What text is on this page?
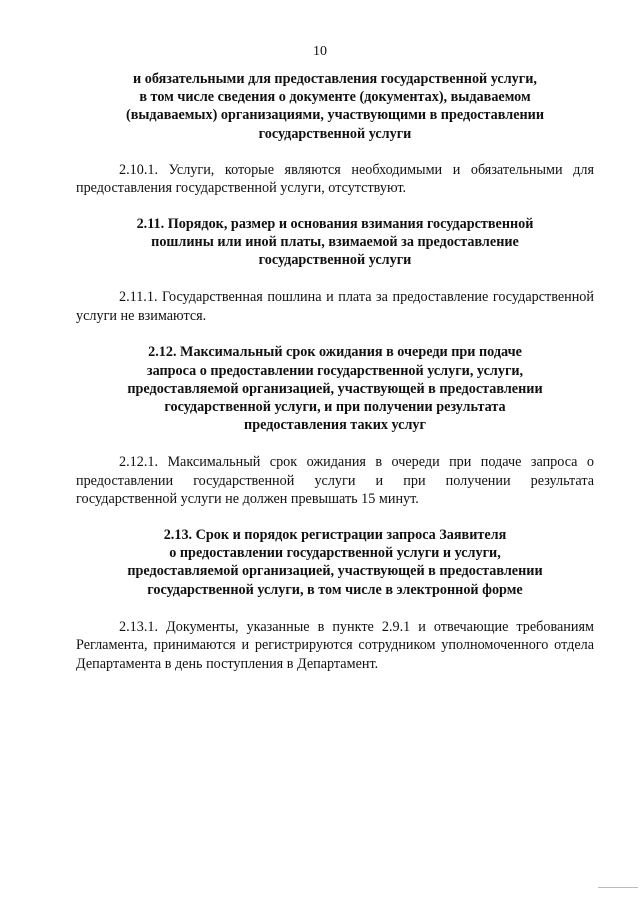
10
и обязательными для предоставления государственной услуги,
в том числе сведения о документе (документах), выдаваемом
(выдаваемых) организациями, участвующими в предоставлении
государственной услуги

2.10.1. Услуги, которые являются необходимыми и обязательными для предоставления государственной услуги, отсутствуют.

2.11. Порядок, размер и основания взимания государственной
пошлины или иной платы, взимаемой за предоставление
государственной услуги

2.11.1. Государственная пошлина и плата за предоставление государственной услуги не взимаются.

2.12. Максимальный срок ожидания в очереди при подаче
запроса о предоставлении государственной услуги, услуги,
предоставляемой организацией, участвующей в предоставлении
государственной услуги, и при получении результата
предоставления таких услуг

2.12.1. Максимальный срок ожидания в очереди при подаче запроса о предоставлении государственной услуги и при получении результата государственной услуги не должен превышать 15 минут.

2.13. Срок и порядок регистрации запроса Заявителя
о предоставлении государственной услуги и услуги,
предоставляемой организацией, участвующей в предоставлении
государственной услуги, в том числе в электронной форме

2.13.1. Документы, указанные в пункте 2.9.1 и отвечающие требованиям Регламента, принимаются и регистрируются сотрудником уполномоченного отдела Департамента в день поступления в Департамент.
